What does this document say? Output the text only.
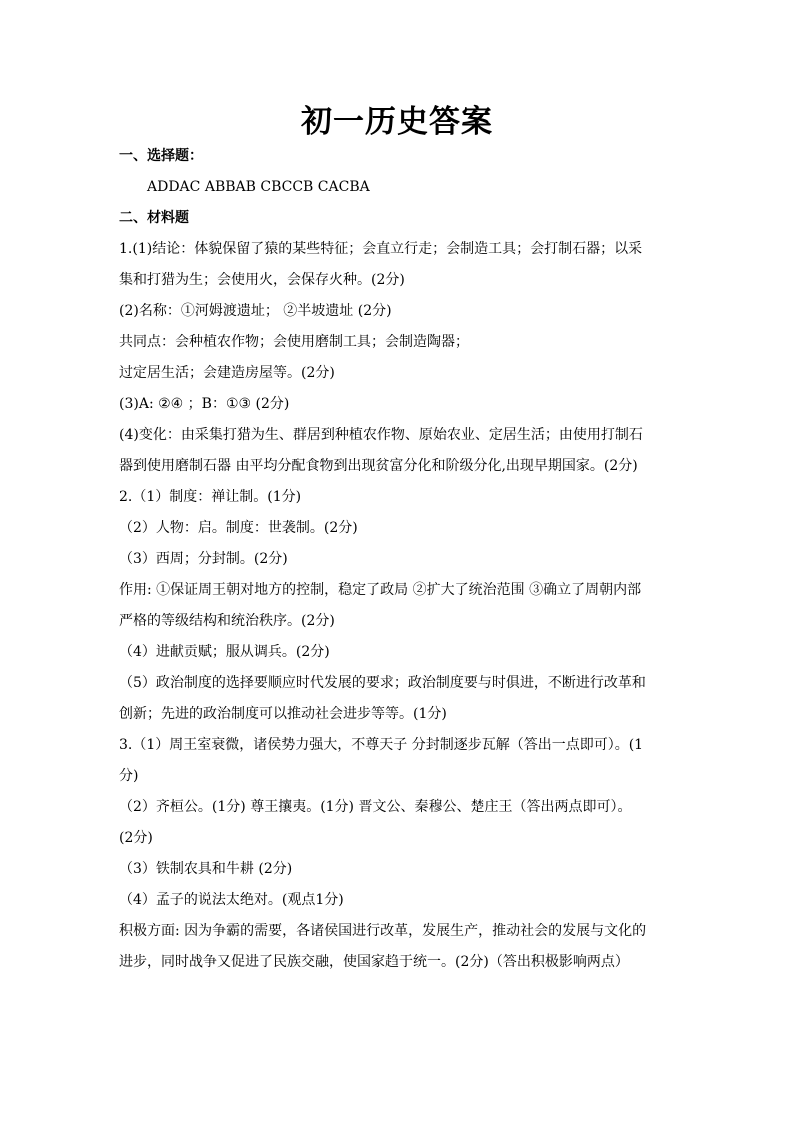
初一历史答案
一、选择题：
ADDAC ABBAB CBCCB CACBA
二、材料题
1.(1)结论：体貌保留了猿的某些特征；会直立行走；会制造工具；会打制石器；以采
集和打猎为生；会使用火，会保存火种。(2分)
(2)名称：①河姆渡遗址； ②半坡遗址 (2分)
共同点：会种植农作物；会使用磨制工具；会制造陶器；
过定居生活；会建造房屋等。(2分)
(3)A: ②④ ；B：①③ (2分)
(4)变化：由采集打猎为生、群居到种植农作物、原始农业、定居生活；由使用打制石
器到使用磨制石器 由平均分配食物到出现贫富分化和阶级分化,出现早期国家。(2分)
2.（1）制度：禅让制。(1分)
（2）人物：启。制度：世袭制。(2分)
（3）西周；分封制。(2分)
作用: ①保证周王朝对地方的控制，稳定了政局 ②扩大了统治范围 ③确立了周朝内部
严格的等级结构和统治秩序。(2分)
（4）进献贡赋；服从调兵。(2分)
（5）政治制度的选择要顺应时代发展的要求；政治制度要与时俱进，不断进行改革和
创新；先进的政治制度可以推动社会进步等等。(1分)
3.（1）周王室衰微，诸侯势力强大，不尊天子 分封制逐步瓦解（答出一点即可）。(1
分)
（2）齐桓公。(1分) 尊王攘夷。(1分) 晋文公、秦穆公、楚庄王（答出两点即可）。
(2分)
（3）铁制农具和牛耕 (2分)
（4）孟子的说法太绝对。(观点1分)
积极方面: 因为争霸的需要，各诸侯国进行改革，发展生产，推动社会的发展与文化的
进步，同时战争又促进了民族交融，使国家趋于统一。(2分)（答出积极影响两点）
